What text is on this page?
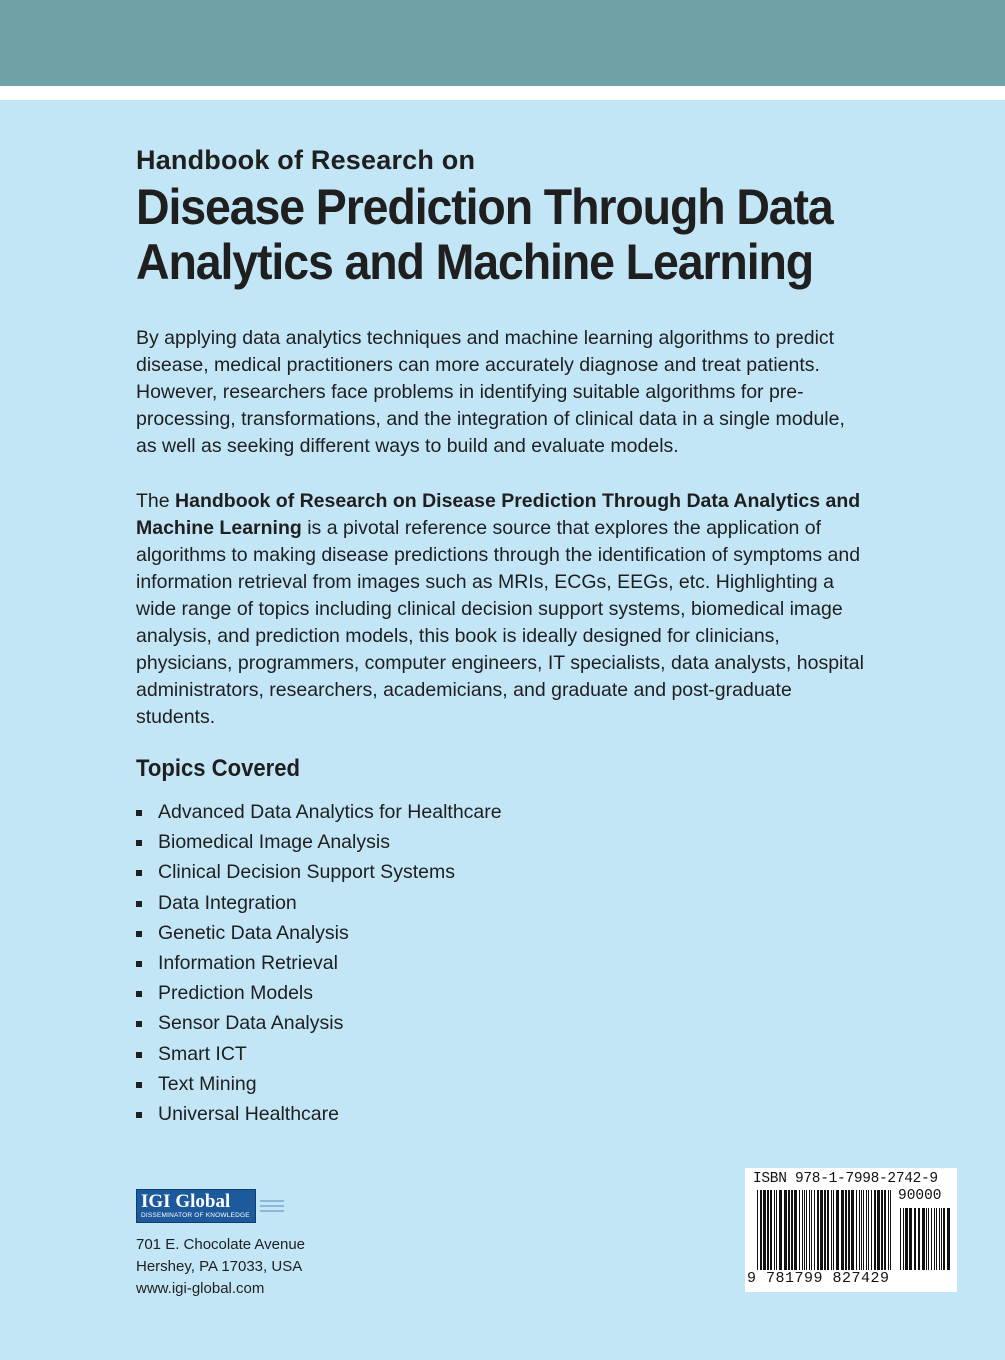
Handbook of Research on
Disease Prediction Through Data
Analytics and Machine Learning

By applying data analytics techniques and machine learning algorithms to predict disease, medical practitioners can more accurately diagnose and treat patients. However, researchers face problems in identifying suitable algorithms for pre-processing, transformations, and the integration of clinical data in a single module, as well as seeking different ways to build and evaluate models.

The Handbook of Research on Disease Prediction Through Data Analytics and Machine Learning is a pivotal reference source that explores the application of algorithms to making disease predictions through the identification of symptoms and information retrieval from images such as MRIs, ECGs, EEGs, etc. Highlighting a wide range of topics including clinical decision support systems, biomedical image analysis, and prediction models, this book is ideally designed for clinicians, physicians, programmers, computer engineers, IT specialists, data analysts, hospital administrators, researchers, academicians, and graduate and post-graduate students.

Topics Covered
Advanced Data Analytics for Healthcare
Biomedical Image Analysis
Clinical Decision Support Systems
Data Integration
Genetic Data Analysis
Information Retrieval
Prediction Models
Sensor Data Analysis
Smart ICT
Text Mining
Universal Healthcare
IGI Global
DISSEMINATOR OF KNOWLEDGE
701 E. Chocolate Avenue
Hershey, PA 17033, USA
www.igi-global.com
ISBN 978-1-7998-2742-9
90000
9 781799 827429
